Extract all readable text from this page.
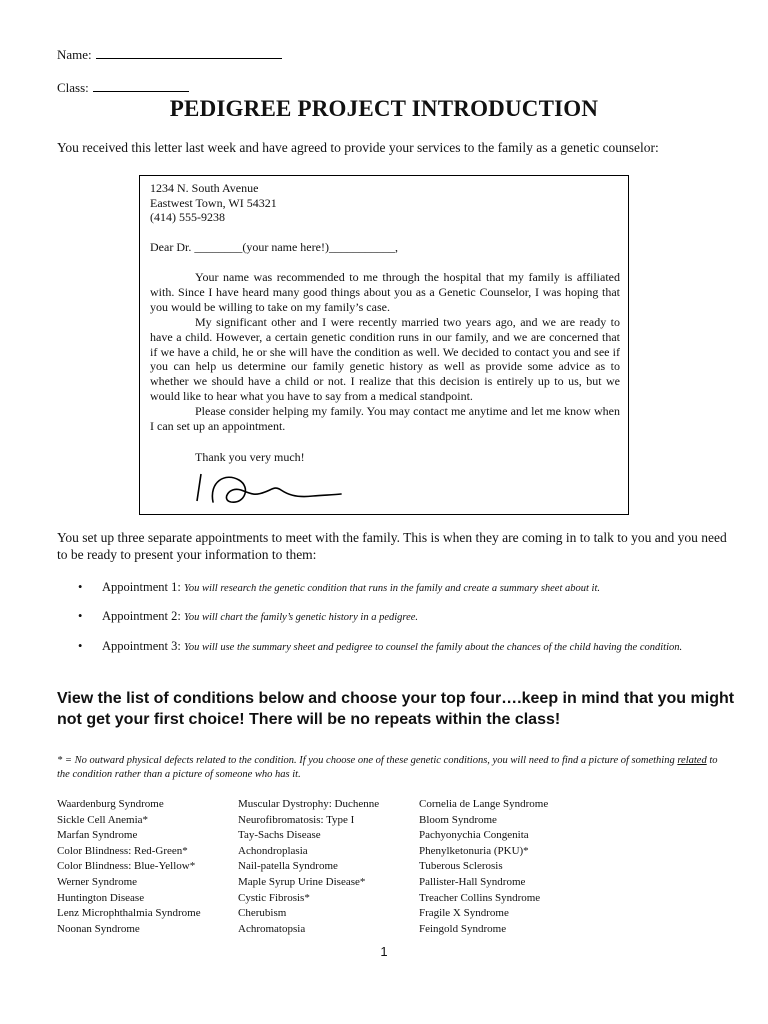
Name:
Class:
PEDIGREE PROJECT INTRODUCTION
You received this letter last week and have agreed to provide your services to the family as a genetic counselor:
1234 N. South Avenue
Eastwest Town, WI 54321
(414) 555-9238
Dear Dr. ________(your name here!)___________,

Your name was recommended to me through the hospital that my family is affiliated with. Since I have heard many good things about you as a Genetic Counselor, I was hoping that you would be willing to take on my family’s case.

My significant other and I were recently married two years ago, and we are ready to have a child. However, a certain genetic condition runs in our family, and we are concerned that if we have a child, he or she will have the condition as well. We decided to contact you and see if you can help us determine our family genetic history as well as provide some advice as to whether we should have a child or not. I realize that this decision is entirely up to us, but we would like to hear what you have to say from a medical standpoint.

Please consider helping my family. You may contact me anytime and let me know when I can set up an appointment.

Thank you very much!
You set up three separate appointments to meet with the family. This is when they are coming in to talk to you and you need to be ready to present your information to them:
• Appointment 1: You will research the genetic condition that runs in the family and create a summary sheet about it.
• Appointment 2: You will chart the family’s genetic history in a pedigree.
• Appointment 3: You will use the summary sheet and pedigree to counsel the family about the chances of the child having the condition.
View the list of conditions below and choose your top four….keep in mind that you might not get your first choice! There will be no repeats within the class!
* = No outward physical defects related to the condition. If you choose one of these genetic conditions, you will need to find a picture of something related to the condition rather than a picture of someone who has it.
Waardenburg Syndrome
Sickle Cell Anemia*
Marfan Syndrome
Color Blindness: Red-Green*
Color Blindness: Blue-Yellow*
Werner Syndrome
Huntington Disease
Lenz Microphthalmia Syndrome
Noonan Syndrome
Muscular Dystrophy: Duchenne
Neurofibromatosis: Type I
Tay-Sachs Disease
Achondroplasia
Nail-patella Syndrome
Maple Syrup Urine Disease*
Cystic Fibrosis*
Cherubism
Achromatopsia
Cornelia de Lange Syndrome
Bloom Syndrome
Pachyonychia Congenita
Phenylketonuria (PKU)*
Tuberous Sclerosis
Pallister-Hall Syndrome
Treacher Collins Syndrome
Fragile X Syndrome
Feingold Syndrome
1
